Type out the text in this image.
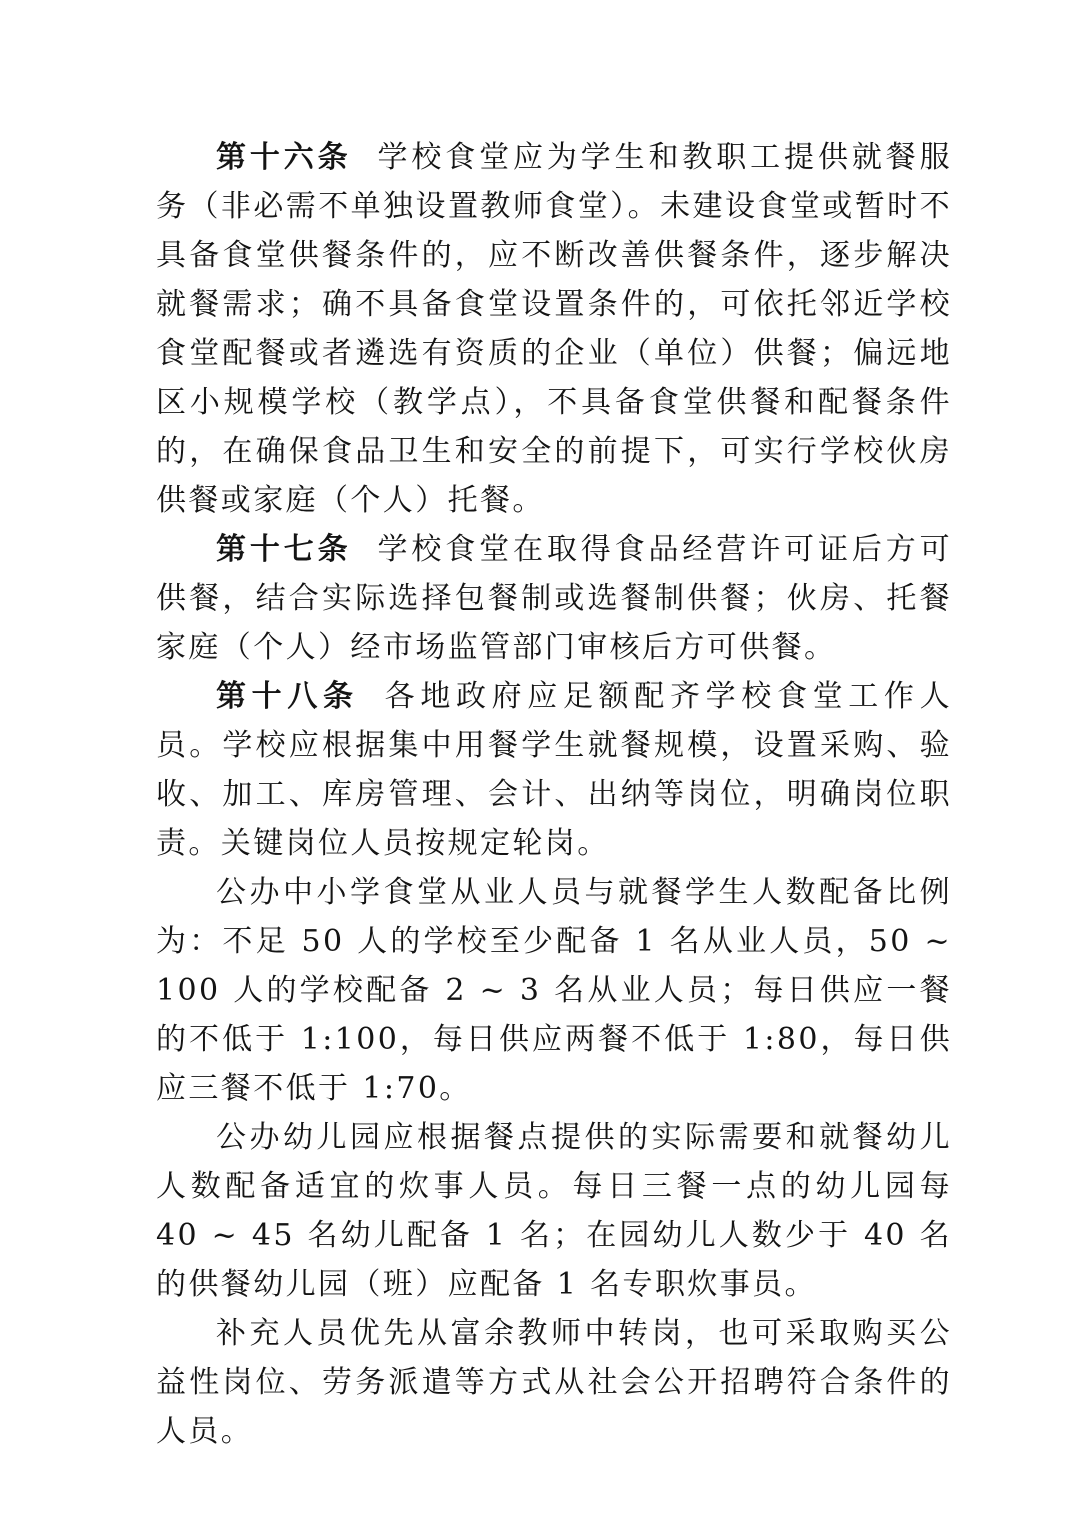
第十六条 学校食堂应为学生和教职工提供就餐服务（非必需不单独设置教师食堂）。未建设食堂或暂时不具备食堂供餐条件的，应不断改善供餐条件，逐步解决就餐需求；确不具备食堂设置条件的，可依托邻近学校食堂配餐或者遴选有资质的企业（单位）供餐；偏远地区小规模学校（教学点），不具备食堂供餐和配餐条件的，在确保食品卫生和安全的前提下，可实行学校伙房供餐或家庭（个人）托餐。

第十七条 学校食堂在取得食品经营许可证后方可供餐，结合实际选择包餐制或选餐制供餐；伙房、托餐家庭（个人）经市场监管部门审核后方可供餐。

第十八条 各地政府应足额配齐学校食堂工作人员。学校应根据集中用餐学生就餐规模，设置采购、验收、加工、库房管理、会计、出纳等岗位，明确岗位职责。关键岗位人员按规定轮岗。

公办中小学食堂从业人员与就餐学生人数配备比例为：不足 50 人的学校至少配备 1 名从业人员，50 ~ 100 人的学校配备 2 ~ 3 名从业人员；每日供应一餐的不低于 1:100，每日供应两餐不低于 1:80，每日供应三餐不低于 1:70。

公办幼儿园应根据餐点提供的实际需要和就餐幼儿人数配备适宜的炊事人员。每日三餐一点的幼儿园每 40 ~ 45 名幼儿配备 1 名；在园幼儿人数少于 40 名的供餐幼儿园（班）应配备 1 名专职炊事员。

补充人员优先从富余教师中转岗，也可采取购买公益性岗位、劳务派遣等方式从社会公开招聘符合条件的人员。
